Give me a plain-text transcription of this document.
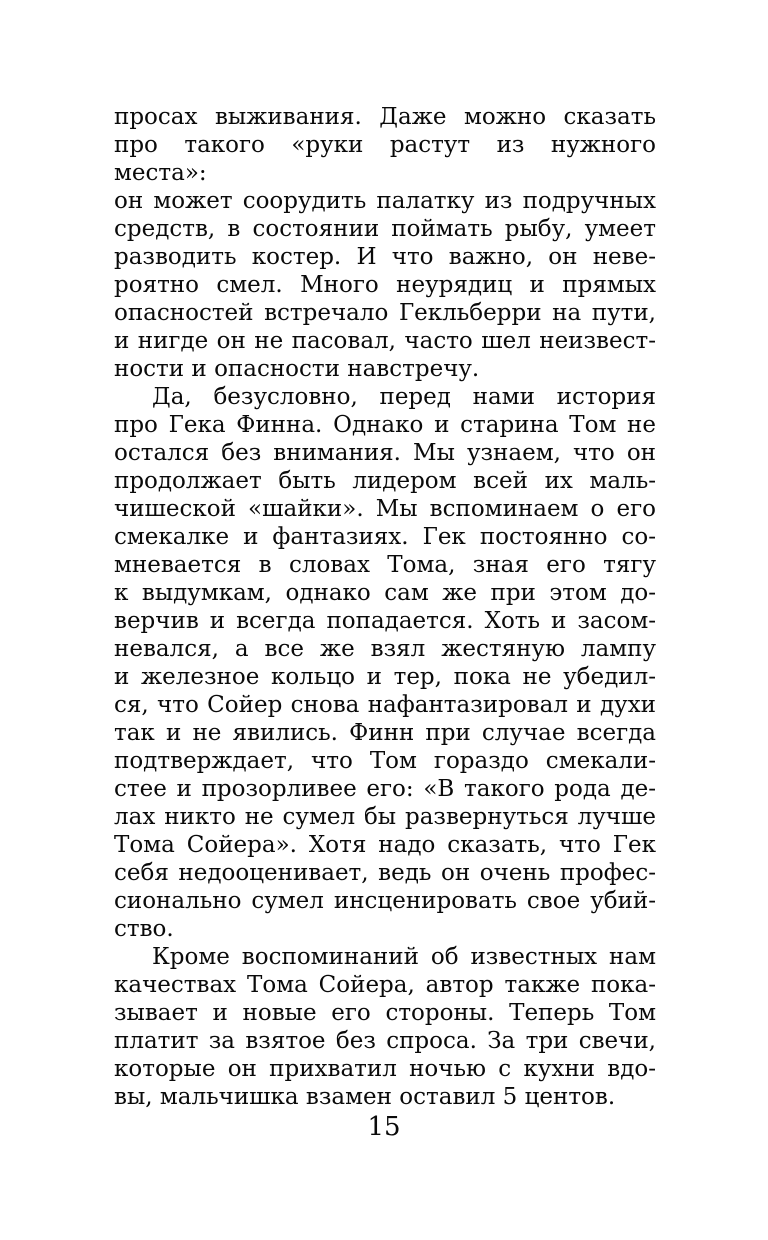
просах выживания. Даже можно сказать
про такого «руки растут из нужного места»:
он может соорудить палатку из подручных
средств, в состоянии поймать рыбу, умеет
разводить костер. И что важно, он неве-
роятно смел. Много неурядиц и прямых
опасностей встречало Гекльберри на пути,
и нигде он не пасовал, часто шел неизвест-
ности и опасности навстречу.
Да, безусловно, перед нами история
про Гека Финна. Однако и старина Том не
остался без внимания. Мы узнаем, что он
продолжает быть лидером всей их маль-
чишеской «шайки». Мы вспоминаем о его
смекалке и фантазиях. Гек постоянно со-
мневается в словах Тома, зная его тягу
к выдумкам, однако сам же при этом до-
верчив и всегда попадается. Хоть и засом-
невался, а все же взял жестяную лампу
и железное кольцо и тер, пока не убедил-
ся, что Сойер снова нафантазировал и духи
так и не явились. Финн при случае всегда
подтверждает, что Том гораздо смекали-
стее и прозорливее его: «В такого рода де-
лах никто не сумел бы развернуться лучше
Тома Сойера». Хотя надо сказать, что Гек
себя недооценивает, ведь он очень профес-
сионально сумел инсценировать свое убий-
ство.
Кроме воспоминаний об известных нам
качествах Тома Сойера, автор также пока-
зывает и новые его стороны. Теперь Том
платит за взятое без спроса. За три свечи,
которые он прихватил ночью с кухни вдо-
вы, мальчишка взамен оставил 5 центов.
15
